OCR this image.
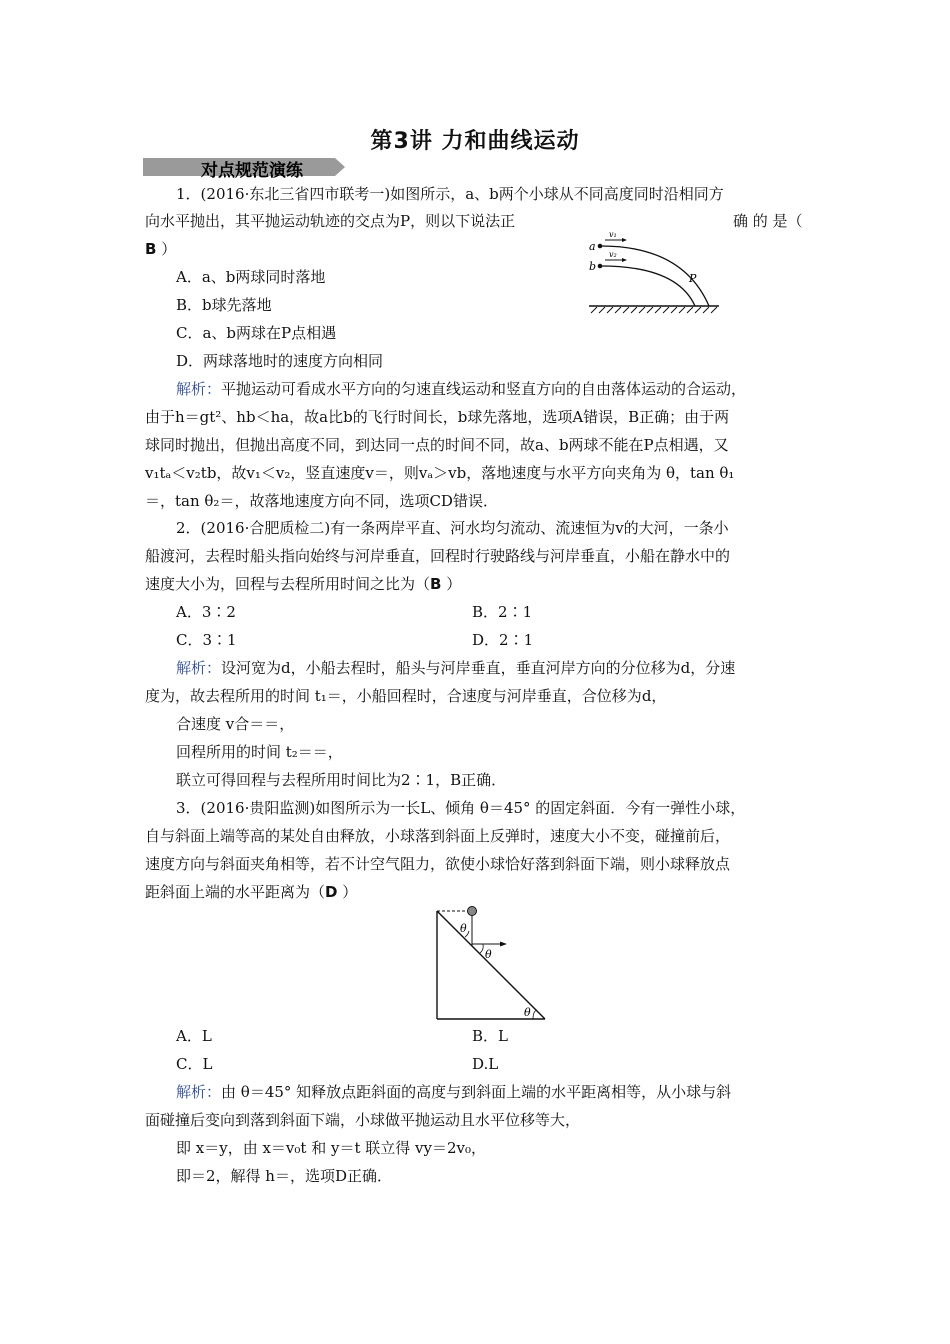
第3讲 力和曲线运动
对点规范演练
1．(2016·东北三省四市联考一)如图所示，a、b两个小球从不同高度同时沿相同方
向水平抛出，其平抛运动轨迹的交点为P，则以下说法正	确 的 是（
B ）	a
b
v₁
v₂
P
A．a、b两球同时落地
B．b球先落地
C．a、b两球在P点相遇
D．两球落地时的速度方向相同
解析：平抛运动可看成水平方向的匀速直线运动和竖直方向的自由落体运动的合运动，
由于h＝gt²、hb＜ha，故a比b的飞行时间长，b球先落地，选项A错误，B正确；由于两
球同时抛出，但抛出高度不同，到达同一点的时间不同，故a、b两球不能在P点相遇，又
v₁tₐ＜v₂tb，故v₁＜v₂，竖直速度v＝，则vₐ＞vb，落地速度与水平方向夹角为 θ，tan θ₁
＝，tan θ₂＝，故落地速度方向不同，选项CD错误．
2．(2016·合肥质检二)有一条两岸平直、河水均匀流动、流速恒为v的大河，一条小
船渡河，去程时船头指向始终与河岸垂直，回程时行驶路线与河岸垂直，小船在静水中的
速度大小为，回程与去程所用时间之比为（B ）
A．3∶2	B．2∶1
C．3∶1	D．2∶1
解析：设河宽为d，小船去程时，船头与河岸垂直，垂直河岸方向的分位移为d，分速
度为，故去程所用的时间 t₁＝，小船回程时，合速度与河岸垂直，合位移为d，
合速度 v合＝＝，
回程所用的时间 t₂＝＝，
联立可得回程与去程所用时间比为2∶1，B正确．
3．(2016·贵阳监测)如图所示为一长L、倾角 θ＝45° 的固定斜面．今有一弹性小球，
自与斜面上端等高的某处自由释放，小球落到斜面上反弹时，速度大小不变，碰撞前后，
速度方向与斜面夹角相等，若不计空气阻力，欲使小球恰好落到斜面下端，则小球释放点
距斜面上端的水平距离为（D ）
θ
θ
θ
A．L	B．L
C．L	D.L
解析：由 θ＝45° 知释放点距斜面的高度与到斜面上端的水平距离相等，从小球与斜
面碰撞后变向到落到斜面下端，小球做平抛运动且水平位移等大，
即 x＝y，由 x＝v₀t 和 y＝t 联立得 vy＝2v₀，
即＝2，解得 h＝，选项D正确．
